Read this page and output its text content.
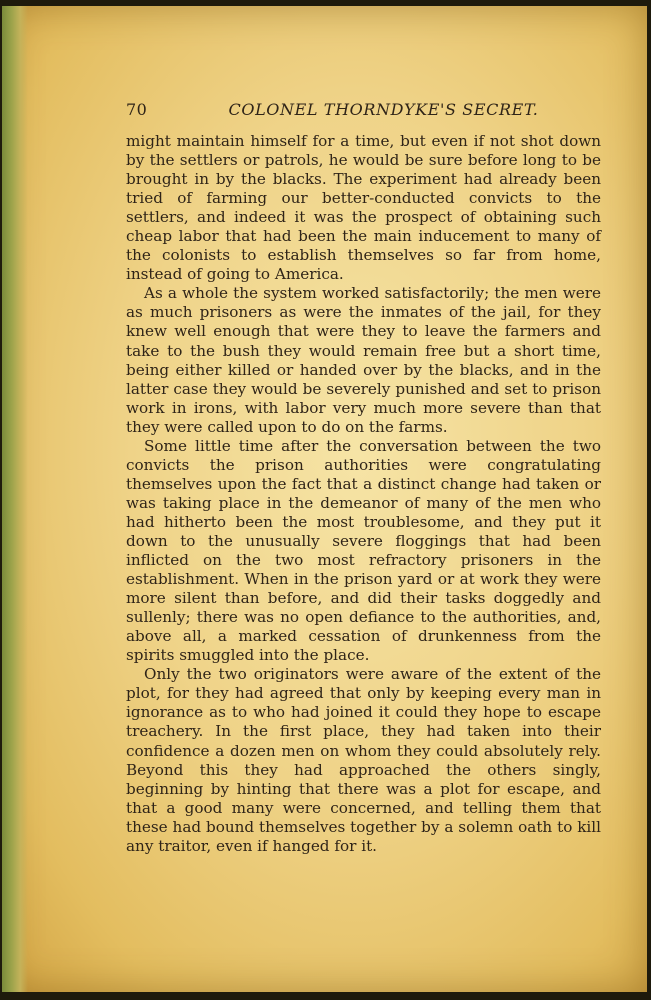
70	COLONEL THORNDYKE'S SECRET.

might maintain himself for a time, but even if not shot down by the settlers or patrols, he would be sure before long to be brought in by the blacks. The experiment had already been tried of farming our better-conducted convicts to the settlers, and indeed it was the prospect of obtaining such cheap labor that had been the main inducement to many of the colonists to establish themselves so far from home, instead of going to America.

As a whole the system worked satisfactorily; the men were as much prisoners as were the inmates of the jail, for they knew well enough that were they to leave the farmers and take to the bush they would remain free but a short time, being either killed or handed over by the blacks, and in the latter case they would be severely punished and set to prison work in irons, with labor very much more severe than that they were called upon to do on the farms.

Some little time after the conversation between the two convicts the prison authorities were congratulating themselves upon the fact that a distinct change had taken or was taking place in the demeanor of many of the men who had hitherto been the most troublesome, and they put it down to the unusually severe floggings that had been inflicted on the two most refractory prisoners in the establishment. When in the prison yard or at work they were more silent than before, and did their tasks doggedly and sullenly; there was no open defiance to the authorities, and, above all, a marked cessation of drunkenness from the spirits smuggled into the place.

Only the two originators were aware of the extent of the plot, for they had agreed that only by keeping every man in ignorance as to who had joined it could they hope to escape treachery. In the first place, they had taken into their confidence a dozen men on whom they could absolutely rely. Beyond this they had approached the others singly, beginning by hinting that there was a plot for escape, and that a good many were concerned, and telling them that these had bound themselves together by a solemn oath to kill any traitor, even if hanged for it.
